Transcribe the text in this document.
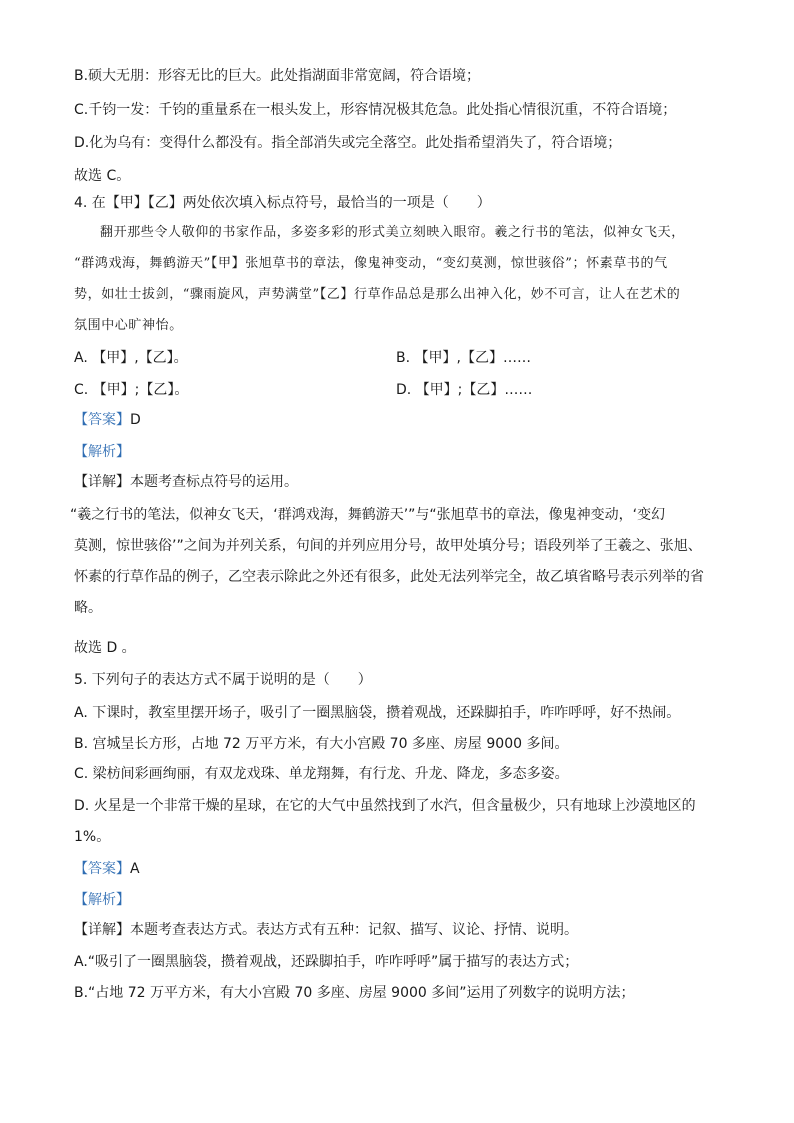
B.硕大无朋：形容无比的巨大。此处指湖面非常宽阔，符合语境；
C.千钧一发：千钧的重量系在一根头发上，形容情况极其危急。此处指心情很沉重，不符合语境；
D.化为乌有：变得什么都没有。指全部消失或完全落空。此处指希望消失了，符合语境；
故选 C。
4. 在【甲】【乙】两处依次填入标点符号，最恰当的一项是（　　）
翻开那些令人敬仰的书家作品，多姿多彩的形式美立刻映入眼帘。羲之行书的笔法，似神女飞天，
“群鸿戏海，舞鹤游天”【甲】张旭草书的章法，像鬼神变动，“变幻莫测，惊世骇俗”；怀素草书的气
势，如壮士拔剑，“骤雨旋风，声势满堂”【乙】行草作品总是那么出神入化，妙不可言，让人在艺术的
氛围中心旷神怡。
A. 【甲】,【乙】。	B. 【甲】,【乙】……
C. 【甲】;【乙】。	D. 【甲】;【乙】……
【答案】D
【解析】
【详解】本题考查标点符号的运用。
“羲之行书的笔法，似神女飞天，‘群鸿戏海，舞鹤游天’”与“张旭草书的章法，像鬼神变动，‘变幻
莫测，惊世骇俗’”之间为并列关系，句间的并列应用分号，故甲处填分号；语段列举了王羲之、张旭、
怀素的行草作品的例子，乙空表示除此之外还有很多，此处无法列举完全，故乙填省略号表示列举的省
略。
故选 D 。
5. 下列句子的表达方式不属于说明的是（　　）
A. 下课时，教室里摆开场子，吸引了一圈黑脑袋，攒着观战，还跺脚拍手，咋咋呼呼，好不热闹。
B. 宫城呈长方形，占地 72 万平方米，有大小宫殿 70 多座、房屋 9000 多间。
C. 梁枋间彩画绚丽，有双龙戏珠、单龙翔舞，有行龙、升龙、降龙，多态多姿。
D. 火星是一个非常干燥的星球，在它的大气中虽然找到了水汽，但含量极少，只有地球上沙漠地区的
1%。
【答案】A
【解析】
【详解】本题考查表达方式。表达方式有五种：记叙、描写、议论、抒情、说明。
A.“吸引了一圈黑脑袋，攒着观战，还跺脚拍手，咋咋呼呼”属于描写的表达方式；
B.“占地 72 万平方米，有大小宫殿 70 多座、房屋 9000 多间”运用了列数字的说明方法；
